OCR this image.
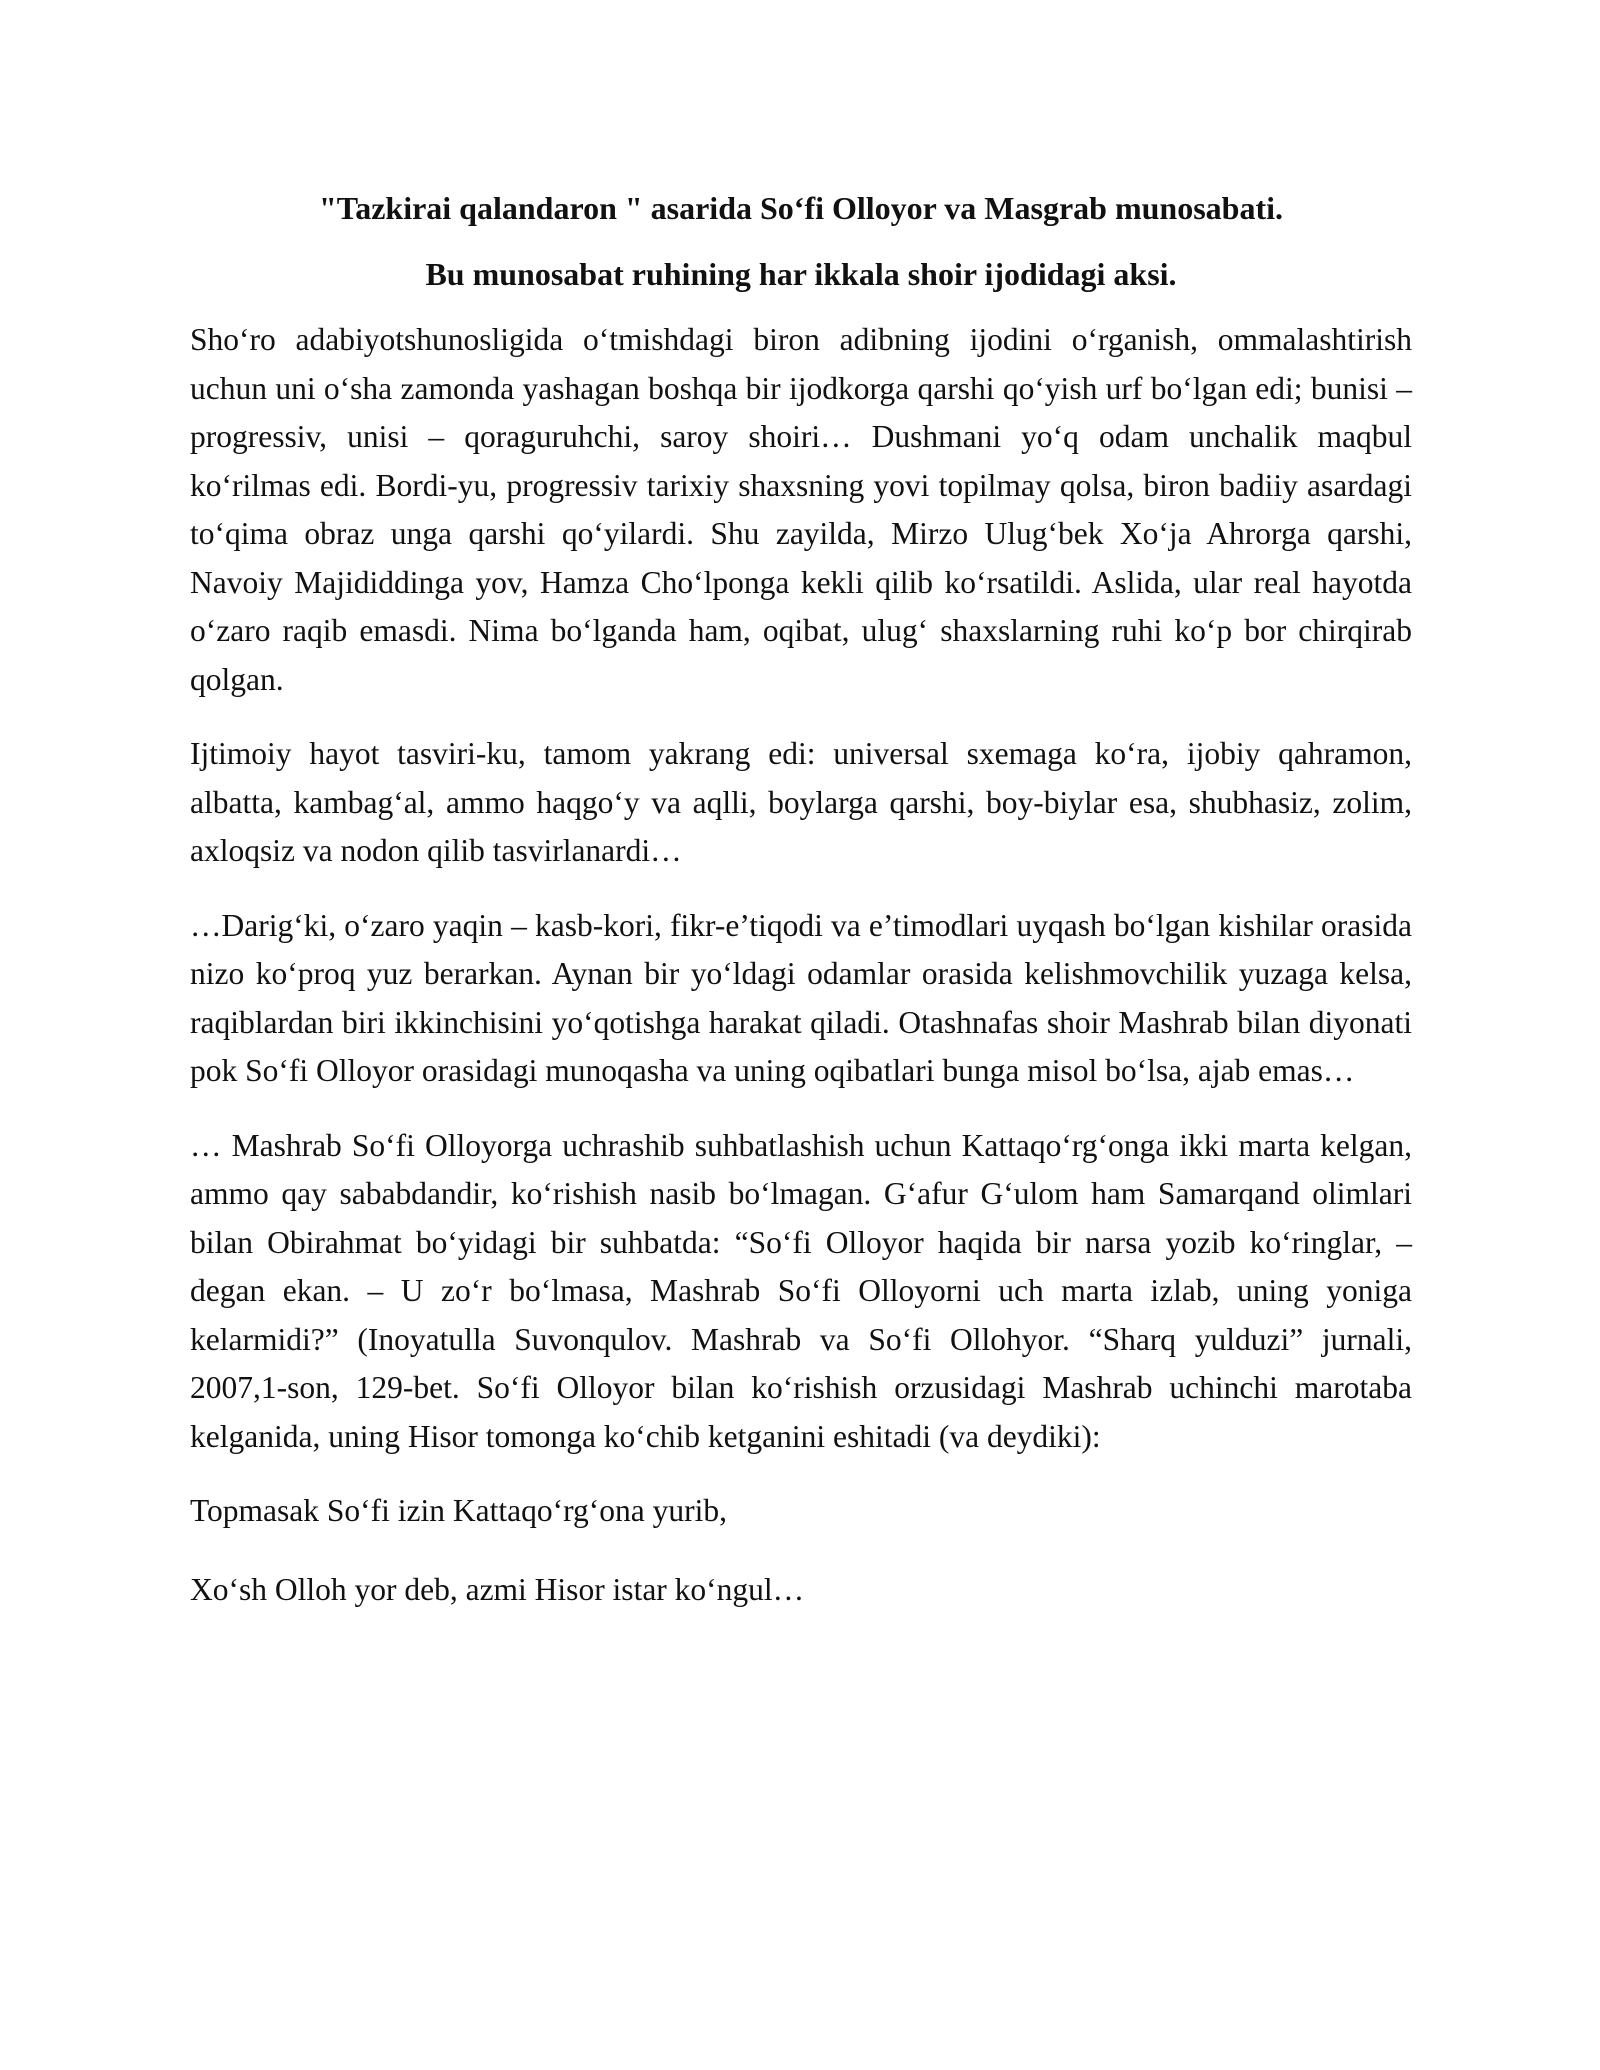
"Tazkirai qalandaron " asarida So‘fi Olloyor va Masgrab munosabati.
Bu munosabat ruhining har ikkala shoir ijodidagi aksi.

Sho‘ro adabiyotshunosligida o‘tmishdagi biron adibning ijodini o‘rganish, ommalashtirish uchun uni o‘sha zamonda yashagan boshqa bir ijodkorga qarshi qo‘yish urf bo‘lgan edi; bunisi – progressiv, unisi – qoraguruhchi, saroy shoiri… Dushmani yo‘q odam unchalik maqbul ko‘rilmas edi. Bordi-yu, progressiv tarixiy shaxsning yovi topilmay qolsa, biron badiiy asardagi to‘qima obraz unga qarshi qo‘yilardi. Shu zayilda, Mirzo Ulug‘bek Xo‘ja Ahrorga qarshi, Navoiy Majididdinga yov, Hamza Cho‘lponga kekli qilib ko‘rsatildi. Aslida, ular real hayotda o‘zaro raqib emasdi. Nima bo‘lganda ham, oqibat, ulug‘ shaxslarning ruhi ko‘p bor chirqirab qolgan.

Ijtimoiy hayot tasviri-ku, tamom yakrang edi: universal sxemaga ko‘ra, ijobiy qahramon, albatta, kambag‘al, ammo haqgo‘y va aqlli, boylarga qarshi, boy-biylar esa, shubhasiz, zolim, axloqsiz va nodon qilib tasvirlanardi…

…Darig‘ki, o‘zaro yaqin – kasb-kori, fikr-e’tiqodi va e’timodlari uyqash bo‘lgan kishilar orasida nizo ko‘proq yuz berarkan. Aynan bir yo‘ldagi odamlar orasida kelishmovchilik yuzaga kelsa, raqiblardan biri ikkinchisini yo‘qotishga harakat qiladi. Otashnafas shoir Mashrab bilan diyonati pok So‘fi Olloyor orasidagi munoqasha va uning oqibatlari bunga misol bo‘lsa, ajab emas…

… Mashrab So‘fi Olloyorga uchrashib suhbatlashish uchun Kattaqo‘rg‘onga ikki marta kelgan, ammo qay sababdandir, ko‘rishish nasib bo‘lmagan. G‘afur G‘ulom ham Samarqand olimlari bilan Obirahmat bo‘yidagi bir suhbatda: “So‘fi Olloyor haqida bir narsa yozib ko‘ringlar, – degan ekan. – U zo‘r bo‘lmasa, Mashrab So‘fi Olloyorni uch marta izlab, uning yoniga kelarmidi?” (Inoyatulla Suvonqulov. Mashrab va So‘fi Ollohyor. “Sharq yulduzi” jurnali, 2007,1-son, 129-bet. So‘fi Olloyor bilan ko‘rishish orzusidagi Mashrab uchinchi marotaba kelganida, uning Hisor tomonga ko‘chib ketganini eshitadi (va deydiki):

Topmasak So‘fi izin Kattaqo‘rg‘ona yurib,

Xo‘sh Olloh yor deb, azmi Hisor istar ko‘ngul…
